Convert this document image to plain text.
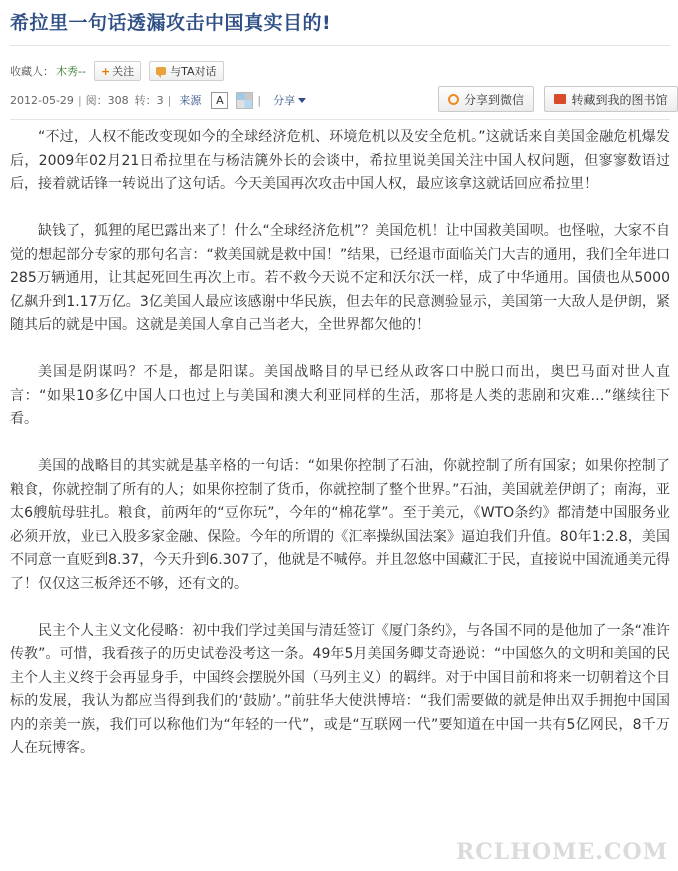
希拉里一句话透漏攻击中国真实目的!
收藏人： 木秀-- + 关注	与TA对话
2012-05-29 | 阅：308 转：3 | 来源	A	| 分享	分享到微信	转藏到我的图书馆

“不过，人权不能改变现如今的全球经济危机、环境危机以及安全危机。”这就话来自美国金融危机爆发后，2009年02月21日希拉里在与杨洁篪外长的会谈中，希拉里说美国关注中国人权问题，但寥寥数语过后，接着就话锋一转说出了这句话。今天美国再次攻击中国人权，最应该拿这就话回应希拉里！

缺钱了，狐狸的尾巴露出来了！什么“全球经济危机”？美国危机！让中国救美国呗。也怪啦，大家不自觉的想起部分专家的那句名言：“救美国就是救中国！”结果，已经退市面临关门大吉的通用，我们全年进口285万辆通用，让其起死回生再次上市。若不救今天说不定和沃尔沃一样，成了中华通用。国债也从5000亿飙升到1.17万亿。3亿美国人最应该感谢中华民族，但去年的民意测验显示，美国第一大敌人是伊朗，紧随其后的就是中国。这就是美国人拿自己当老大，全世界都欠他的！

美国是阴谋吗？不是，都是阳谋。美国战略目的早已经从政客口中脱口而出，奥巴马面对世人直言：“如果10多亿中国人口也过上与美国和澳大利亚同样的生活，那将是人类的悲剧和灾难…”继续往下看。

美国的战略目的其实就是基辛格的一句话：“如果你控制了石油，你就控制了所有国家；如果你控制了粮食，你就控制了所有的人；如果你控制了货币，你就控制了整个世界。”石油，美国就差伊朗了；南海，亚太6艘航母驻扎。粮食，前两年的“豆你玩”，今年的“棉花掌”。至于美元，《WTO条约》都清楚中国服务业必须开放，业已入股多家金融、保险。今年的所谓的《汇率操纵国法案》逼迫我们升值。80年1:2.8，美国不同意一直贬到8.37，今天升到6.307了，他就是不喊停。并且忽悠中国藏汇于民，直接说中国流通美元得了！仅仅这三板斧还不够，还有文的。

民主个人主义文化侵略：初中我们学过美国与清廷签订《厦门条约》，与各国不同的是他加了一条“准许传教”。可惜，我看孩子的历史试卷没考这一条。49年5月美国务卿艾奇逊说：“中国悠久的文明和美国的民主个人主义终于会再显身手，中国终会摆脱外国（马列主义）的羁绊。对于中国目前和将来一切朝着这个目标的发展，我认为都应当得到我们的‘鼓励’。”前驻华大使洪博培：“我们需要做的就是伸出双手拥抱中国国内的亲美一族，我们可以称他们为“年轻的一代”，或是“互联网一代”要知道在中国一共有5亿网民，8千万人在玩博客。

RCLHOME.COM
